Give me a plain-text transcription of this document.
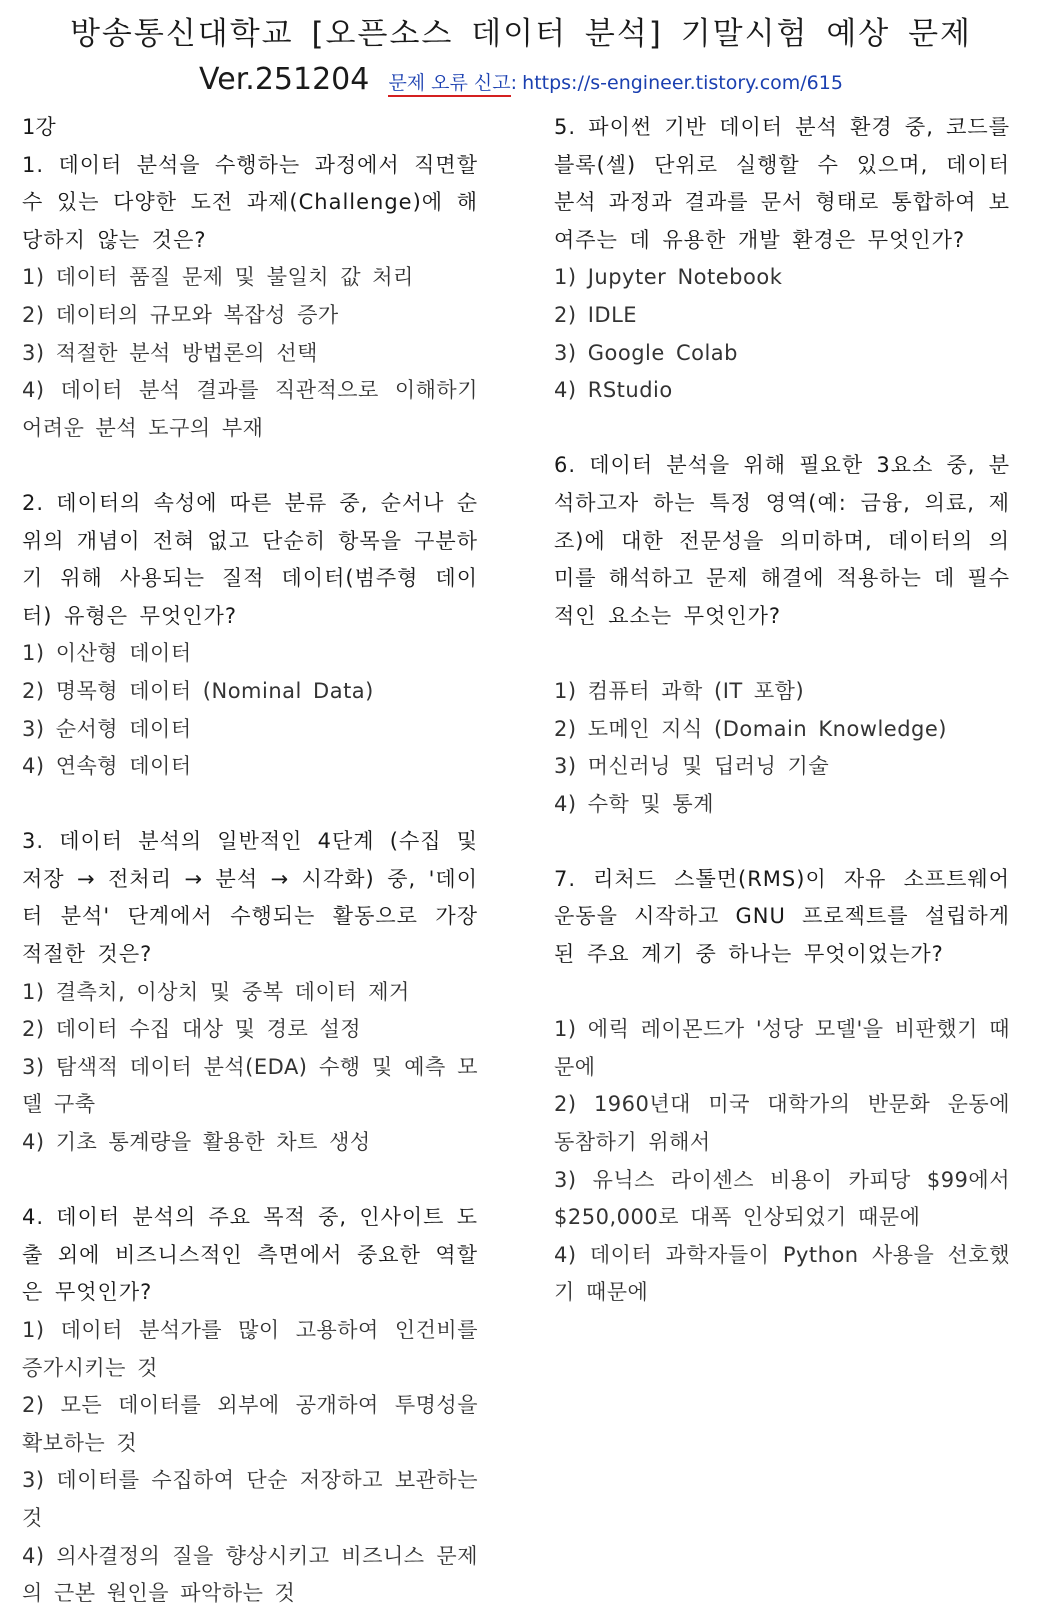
방송통신대학교 [오픈소스 데이터 분석] 기말시험 예상 문제
Ver.251204 문제 오류 신고: https://s-engineer.tistory.com/615
1강
1. 데이터 분석을 수행하는 과정에서 직면할 수 있는 다양한 도전 과제(Challenge)에 해당하지 않는 것은?
1) 데이터 품질 문제 및 불일치 값 처리
2) 데이터의 규모와 복잡성 증가
3) 적절한 분석 방법론의 선택
4) 데이터 분석 결과를 직관적으로 이해하기 어려운 분석 도구의 부재
2. 데이터의 속성에 따른 분류 중, 순서나 순위의 개념이 전혀 없고 단순히 항목을 구분하기 위해 사용되는 질적 데이터(범주형 데이터) 유형은 무엇인가?
1) 이산형 데이터
2) 명목형 데이터 (Nominal Data)
3) 순서형 데이터
4) 연속형 데이터
3. 데이터 분석의 일반적인 4단계 (수집 및 저장 → 전처리 → 분석 → 시각화) 중, '데이터 분석' 단계에서 수행되는 활동으로 가장 적절한 것은?
1) 결측치, 이상치 및 중복 데이터 제거
2) 데이터 수집 대상 및 경로 설정
3) 탐색적 데이터 분석(EDA) 수행 및 예측 모델 구축
4) 기초 통계량을 활용한 차트 생성
4. 데이터 분석의 주요 목적 중, 인사이트 도출 외에 비즈니스적인 측면에서 중요한 역할은 무엇인가?
1) 데이터 분석가를 많이 고용하여 인건비를 증가시키는 것
2) 모든 데이터를 외부에 공개하여 투명성을 확보하는 것
3) 데이터를 수집하여 단순 저장하고 보관하는 것
4) 의사결정의 질을 향상시키고 비즈니스 문제의 근본 원인을 파악하는 것
5. 파이썬 기반 데이터 분석 환경 중, 코드를 블록(셀) 단위로 실행할 수 있으며, 데이터 분석 과정과 결과를 문서 형태로 통합하여 보여주는 데 유용한 개발 환경은 무엇인가?
1) Jupyter Notebook
2) IDLE
3) Google Colab
4) RStudio
6. 데이터 분석을 위해 필요한 3요소 중, 분석하고자 하는 특정 영역(예: 금융, 의료, 제조)에 대한 전문성을 의미하며, 데이터의 의미를 해석하고 문제 해결에 적용하는 데 필수적인 요소는 무엇인가?
1) 컴퓨터 과학 (IT 포함)
2) 도메인 지식 (Domain Knowledge)
3) 머신러닝 및 딥러닝 기술
4) 수학 및 통계
7. 리처드 스톨먼(RMS)이 자유 소프트웨어 운동을 시작하고 GNU 프로젝트를 설립하게 된 주요 계기 중 하나는 무엇이었는가?
1) 에릭 레이몬드가 '성당 모델'을 비판했기 때문에
2) 1960년대 미국 대학가의 반문화 운동에 동참하기 위해서
3) 유닉스 라이센스 비용이 카피당 $99에서 $250,000로 대폭 인상되었기 때문에
4) 데이터 과학자들이 Python 사용을 선호했기 때문에
